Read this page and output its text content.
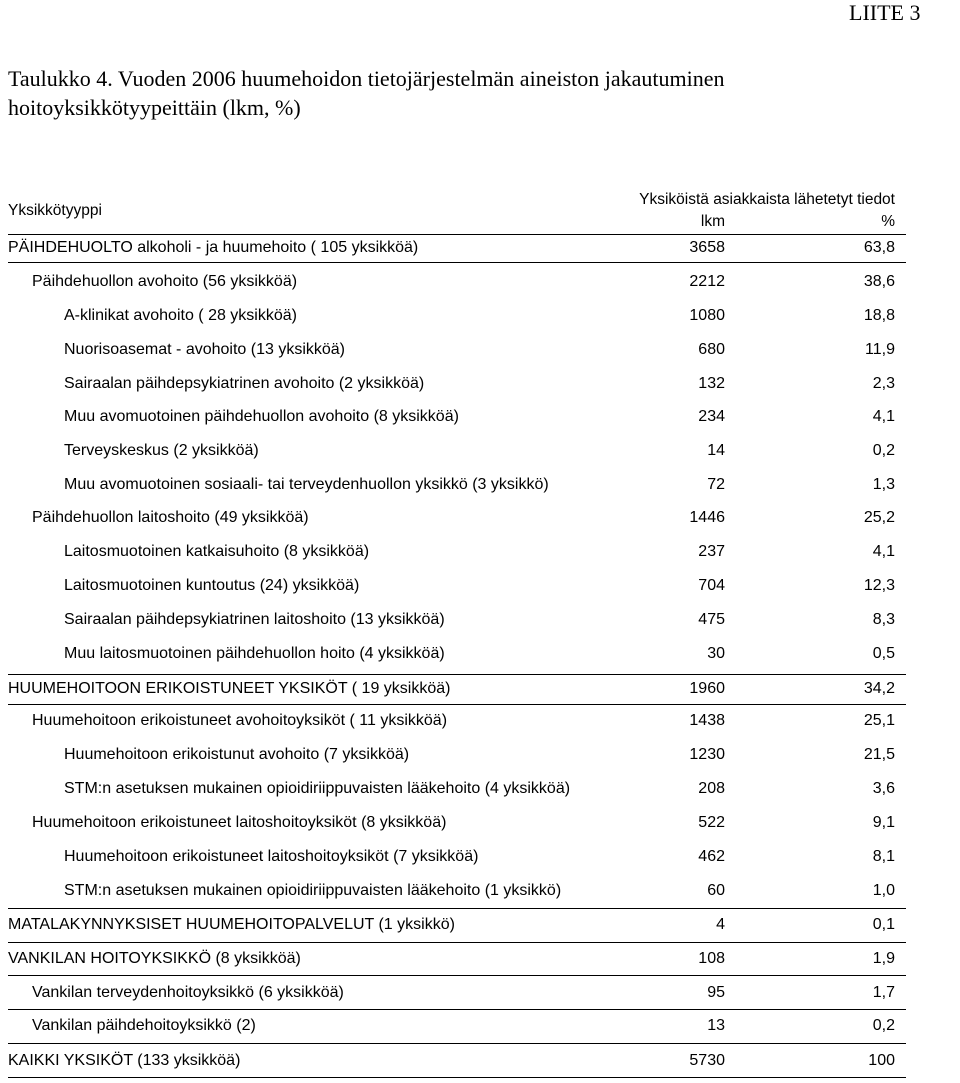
LIITE 3
Taulukko 4. Vuoden 2006 huumehoidon tietojärjestelmän aineiston jakautuminen
hoitoyksikkötyypeittäin (lkm, %)
Yksikkötyyppi
Yksiköistä asiakkaista lähetetyt tiedot
lkm	%
PÄIHDEHUOLTO alkoholi - ja huumehoito ( 105 yksikköä)	3658	63,8
Päihdehuollon avohoito (56 yksikköä)	2212	38,6
A-klinikat avohoito ( 28 yksikköä)	1080	18,8
Nuorisoasemat - avohoito (13 yksikköä)	680	11,9
Sairaalan päihdepsykiatrinen avohoito (2 yksikköä)	132	2,3
Muu avomuotoinen päihdehuollon avohoito (8 yksikköä)	234	4,1
Terveyskeskus (2 yksikköä)	14	0,2
Muu avomuotoinen sosiaali- tai terveydenhuollon yksikkö (3 yksikkö)	72	1,3
Päihdehuollon laitoshoito (49 yksikköä)	1446	25,2
Laitosmuotoinen katkaisuhoito (8 yksikköä)	237	4,1
Laitosmuotoinen kuntoutus (24) yksikköä)	704	12,3
Sairaalan päihdepsykiatrinen laitoshoito (13 yksikköä)	475	8,3
Muu laitosmuotoinen päihdehuollon hoito (4 yksikköä)	30	0,5
HUUMEHOITOON ERIKOISTUNEET YKSIKÖT ( 19 yksikköä)	1960	34,2
Huumehoitoon erikoistuneet avohoitoyksiköt ( 11 yksikköä)	1438	25,1
Huumehoitoon erikoistunut avohoito (7 yksikköä)	1230	21,5
STM:n asetuksen mukainen opioidiriippuvaisten lääkehoito (4 yksikköä)	208	3,6
Huumehoitoon erikoistuneet laitoshoitoyksiköt (8 yksikköä)	522	9,1
Huumehoitoon erikoistuneet laitoshoitoyksiköt (7 yksikköä)	462	8,1
STM:n asetuksen mukainen opioidiriippuvaisten lääkehoito (1 yksikkö)	60	1,0
MATALAKYNNYKSISET HUUMEHOITOPALVELUT (1 yksikkö)	4	0,1
VANKILAN HOITOYKSIKKÖ (8 yksikköä)	108	1,9
Vankilan terveydenhoitoyksikkö (6 yksikköä)	95	1,7
Vankilan päihdehoitoyksikkö (2)	13	0,2
KAIKKI YKSIKÖT (133 yksikköä)	5730	100
